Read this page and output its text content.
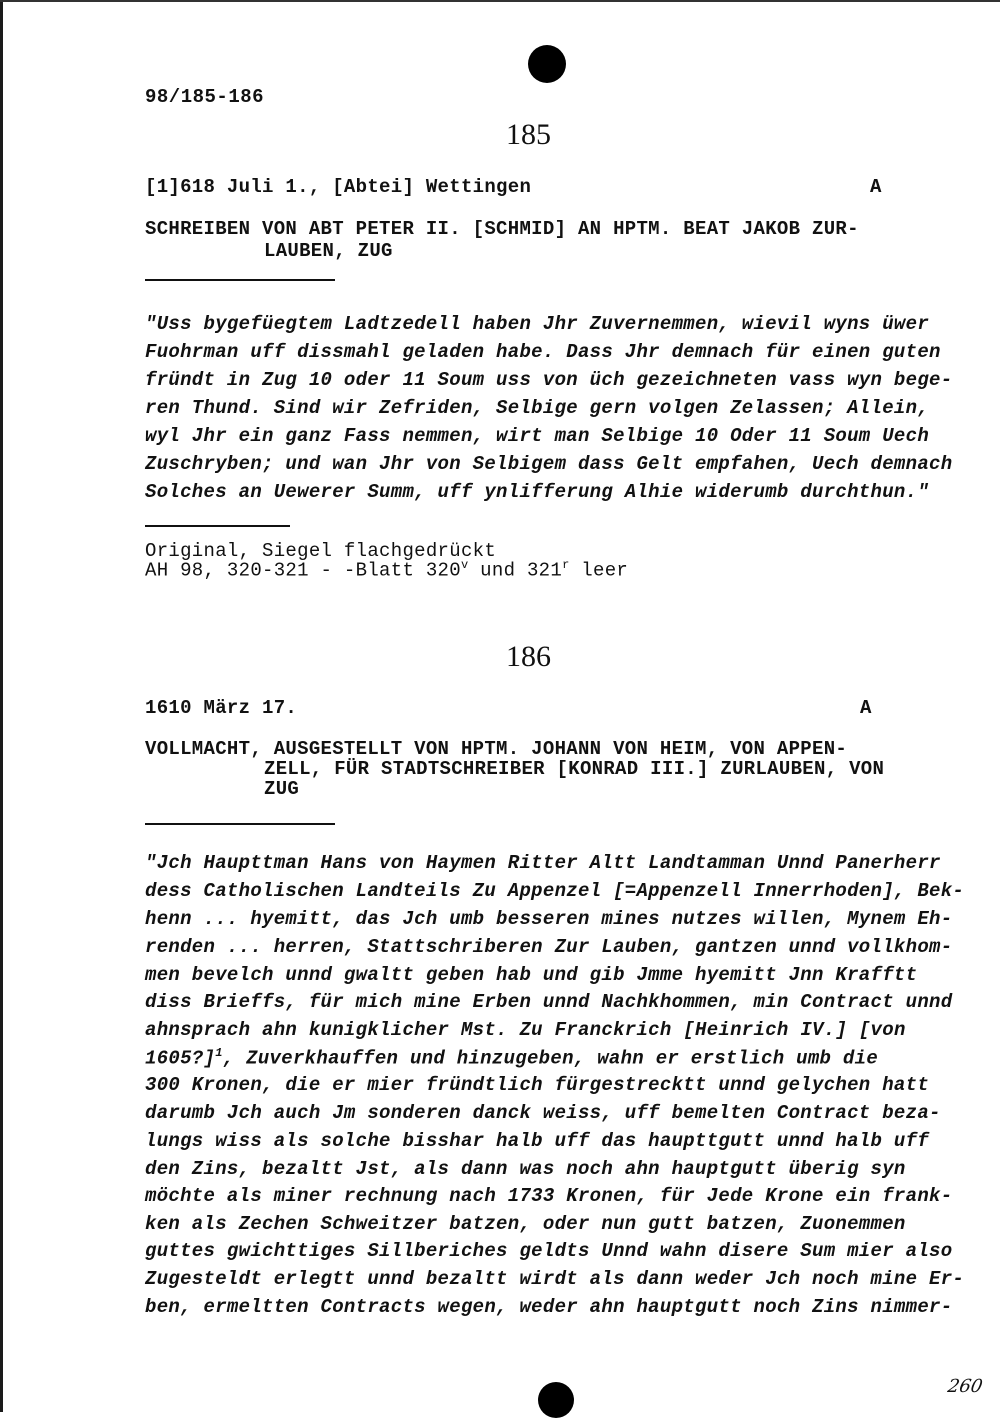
98/185-186
185
[1]618 Juli 1., [Abtei] Wettingen	A
SCHREIBEN VON ABT PETER II. [SCHMID] AN HPTM. BEAT JAKOB ZUR-
LAUBEN, ZUG
"Uss bygefüegtem Ladtzedell haben Jhr Zuvernemmen, wievil wyns üwer
Fuohrman uff dissmahl geladen habe. Dass Jhr demnach für einen guten
fründt in Zug 10 oder 11 Soum uss von üch gezeichneten vass wyn bege-
ren Thund. Sind wir Zefriden, Selbige gern volgen Zelassen; Allein,
wyl Jhr ein ganz Fass nemmen, wirt man Selbige 10 Oder 11 Soum Uech
Zuschryben; und wan Jhr von Selbigem dass Gelt empfahen, Uech demnach
Solches an Uewerer Summ, uff ynlifferung Alhie widerumb durchthun."
Original, Siegel flachgedrückt
AH 98, 320-321 - -Blatt 320$^v$ und 321$^r$ leer
186
1610 März 17.	A
VOLLMACHT, AUSGESTELLT VON HPTM. JOHANN VON HEIM, VON APPEN-
ZELL, FÜR STADTSCHREIBER [KONRAD III.] ZURLAUBEN, VON
ZUG
"Jch Haupttman Hans von Haymen Ritter Altt Landtamman Unnd Panerherr
dess Catholischen Landteils Zu Appenzel [=Appenzell Innerrhoden], Bek-
henn ... hyemitt, das Jch umb besseren mines nutzes willen, Mynem Eh-
renden ... herren, Stattschriberen Zur Lauben, gantzen unnd vollkhom-
men bevelch unnd gwaltt geben hab und gib Jmme hyemitt Jnn Krafftt
diss Brieffs, für mich mine Erben unnd Nachkhommen, min Contract unnd
ahnsprach ahn kunigklicher Mst. Zu Franckrich [Heinrich IV.] [von
1605?]$^1$, Zuverkhauffen und hinzugeben, wahn er erstlich umb die
300 Kronen, die er mier fründtlich fürgestrecktt unnd gelychen hatt
darumb Jch auch Jm sonderen danck weiss, uff bemelten Contract beza-
lungs wiss als solche bisshar halb uff das haupttgutt unnd halb uff
den Zins, bezaltt Jst, als dann was noch ahn hauptgutt überig syn
möchte als miner rechnung nach 1733 Kronen, für Jede Krone ein frank-
ken als Zechen Schweitzer batzen, oder nun gutt batzen, Zuonemmen
guttes gwichttiges Sillberiches geldts Unnd wahn disere Sum mier also
Zugesteldt erlegtt unnd bezaltt wirdt als dann weder Jch noch mine Er-
ben, ermeltten Contracts wegen, weder ahn hauptgutt noch Zins nimmer-
260
